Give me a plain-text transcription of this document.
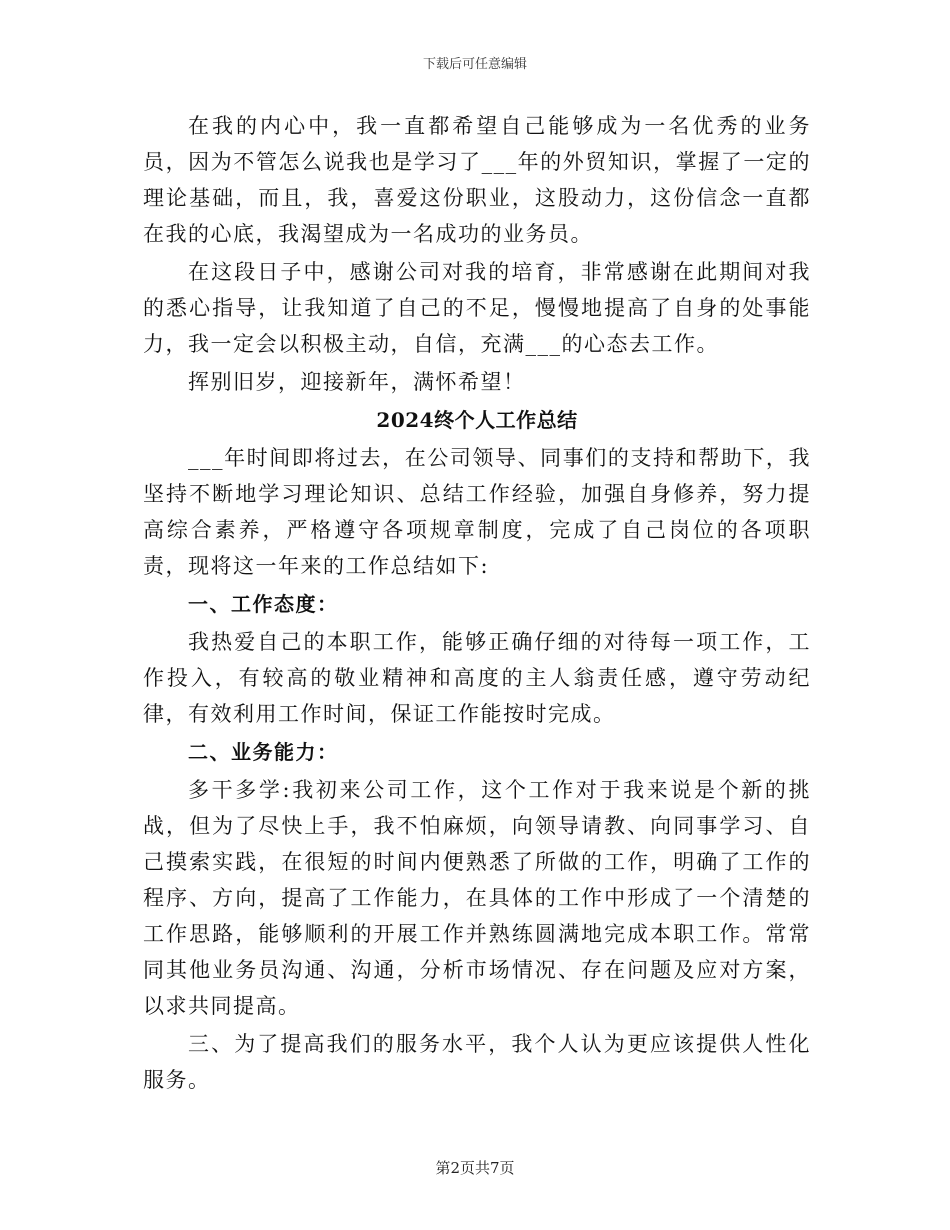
下载后可任意编辑

在我的内心中，我一直都希望自己能够成为一名优秀的业务员，因为不管怎么说我也是学习了___年的外贸知识，掌握了一定的理论基础，而且，我，喜爱这份职业，这股动力，这份信念一直都在我的心底，我渴望成为一名成功的业务员。

在这段日子中，感谢公司对我的培育，非常感谢在此期间对我的悉心指导，让我知道了自己的不足，慢慢地提高了自身的处事能力，我一定会以积极主动，自信，充满___的心态去工作。

挥别旧岁，迎接新年，满怀希望！

2024终个人工作总结

___年时间即将过去，在公司领导、同事们的支持和帮助下，我坚持不断地学习理论知识、总结工作经验，加强自身修养，努力提高综合素养，严格遵守各项规章制度，完成了自己岗位的各项职责，现将这一年来的工作总结如下:

一、工作态度：

我热爱自己的本职工作，能够正确仔细的对待每一项工作，工作投入，有较高的敬业精神和高度的主人翁责任感，遵守劳动纪律，有效利用工作时间，保证工作能按时完成。

二、业务能力：

多干多学:我初来公司工作，这个工作对于我来说是个新的挑战，但为了尽快上手，我不怕麻烦，向领导请教、向同事学习、自己摸索实践，在很短的时间内便熟悉了所做的工作，明确了工作的程序、方向，提高了工作能力，在具体的工作中形成了一个清楚的工作思路，能够顺利的开展工作并熟练圆满地完成本职工作。常常同其他业务员沟通、沟通，分析市场情况、存在问题及应对方案，以求共同提高。

三、为了提高我们的服务水平，我个人认为更应该提供人性化服务。

第2页共7页
